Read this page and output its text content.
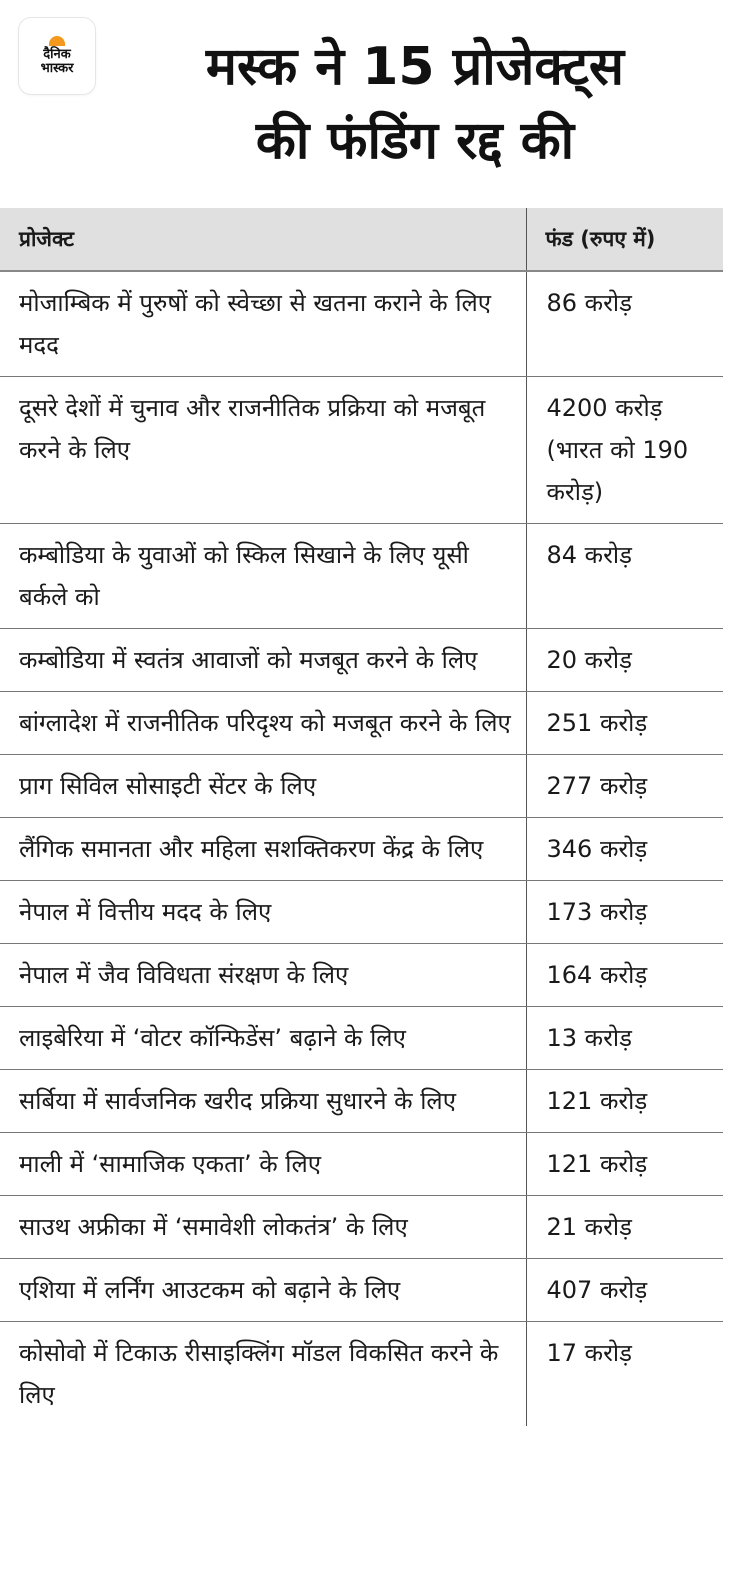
दैनिक
भास्कर	मस्क ने 15 प्रोजेक्ट्स
की फंडिंग रद्द की
प्रोजेक्ट	फंड (रुपए में)
मोजाम्बिक में पुरुषों को स्वेच्छा से खतना कराने के लिए मदद	86 करोड़
दूसरे देशों में चुनाव और राजनीतिक प्रक्रिया को मजबूत करने के लिए	4200 करोड़ (भारत को 190 करोड़)
कम्बोडिया के युवाओं को स्किल सिखाने के लिए यूसी बर्कले को	84 करोड़
कम्बोडिया में स्वतंत्र आवाजों को मजबूत करने के लिए	20 करोड़
बांग्लादेश में राजनीतिक परिदृश्य को मजबूत करने के लिए	251 करोड़
प्राग सिविल सोसाइटी सेंटर के लिए	277 करोड़
लैंगिक समानता और महिला सशक्तिकरण केंद्र के लिए	346 करोड़
नेपाल में वित्तीय मदद के लिए	173 करोड़
नेपाल में जैव विविधता संरक्षण के लिए	164 करोड़
लाइबेरिया में ‘वोटर कॉन्फिडेंस’ बढ़ाने के लिए	13 करोड़
सर्बिया में सार्वजनिक खरीद प्रक्रिया सुधारने के लिए	121 करोड़
माली में ‘सामाजिक एकता’ के लिए	121 करोड़
साउथ अफ्रीका में ‘समावेशी लोकतंत्र’ के लिए	21 करोड़
एशिया में लर्निंग आउटकम को बढ़ाने के लिए	407 करोड़
कोसोवो में टिकाऊ रीसाइक्लिंग मॉडल विकसित करने के लिए	17 करोड़
